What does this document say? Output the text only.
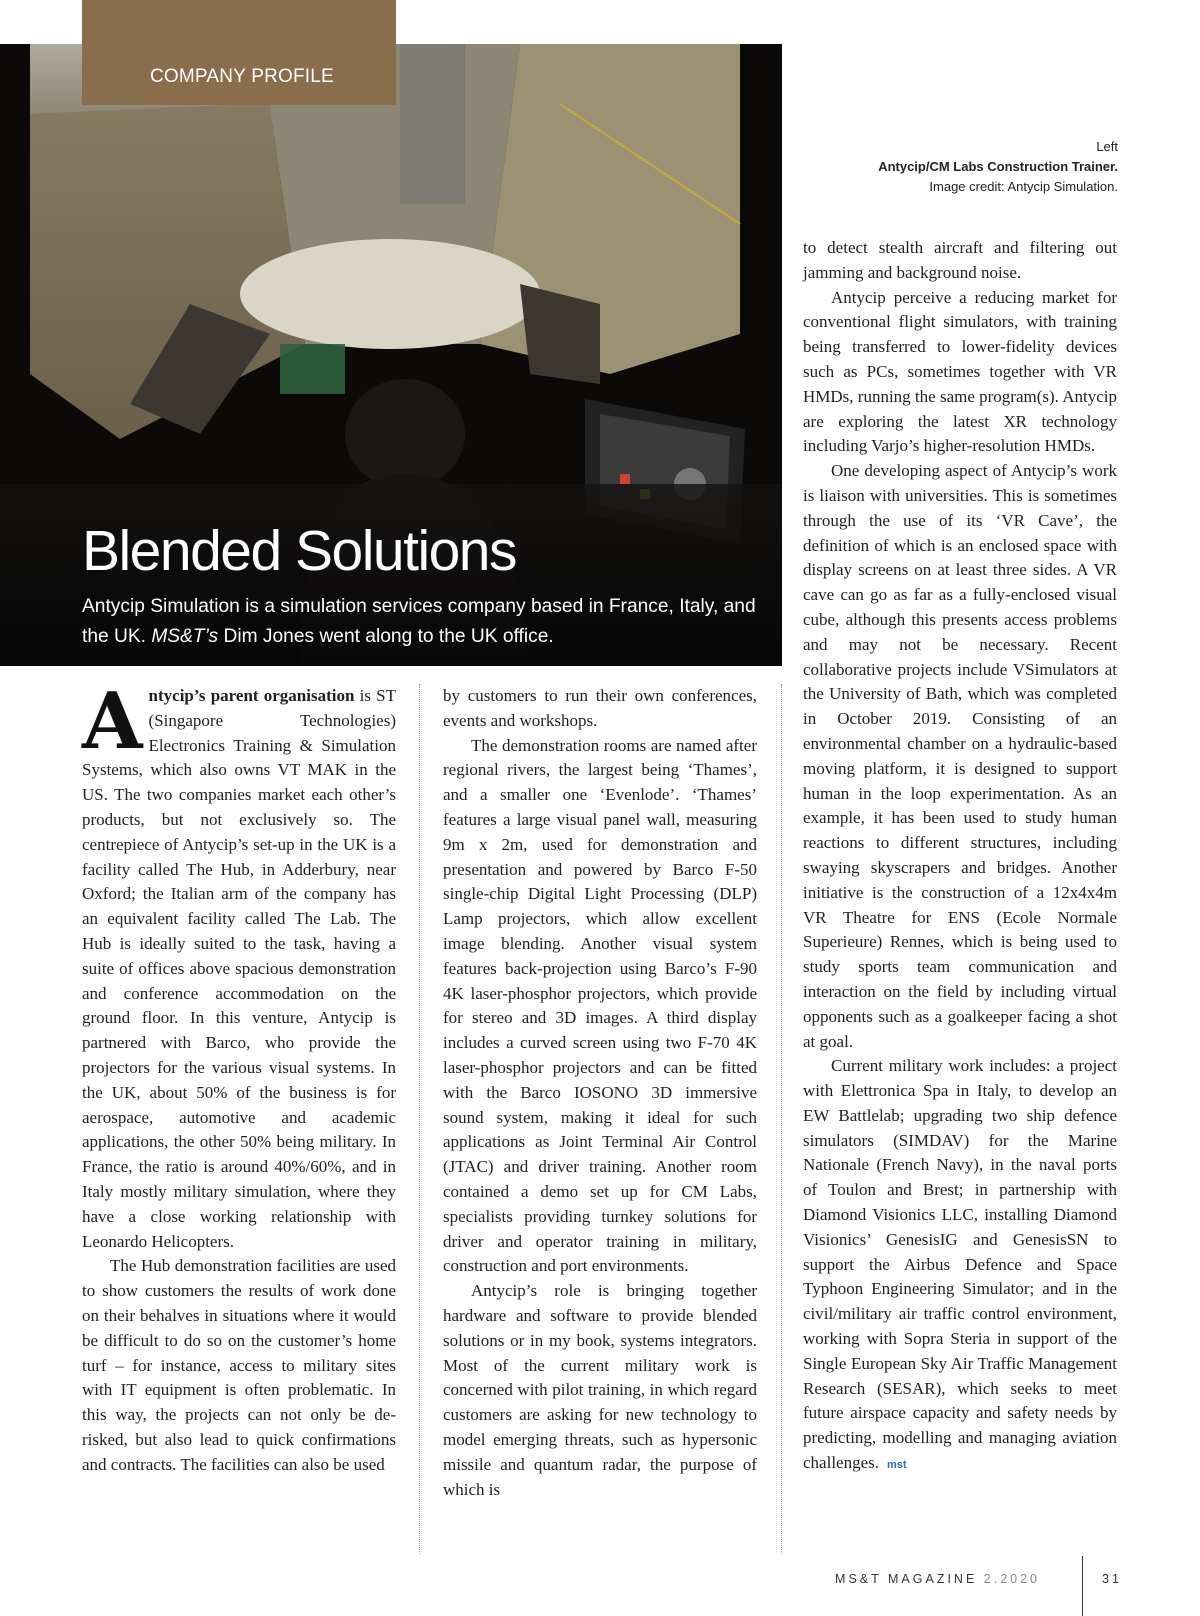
COMPANY PROFILE
Blended Solutions

Antycip Simulation is a simulation services company based in France, Italy, and the UK. MS&T’s Dim Jones went along to the UK office.

Left
Antycip/CM Labs Construction Trainer.
Image credit: Antycip Simulation.

Antycip’s parent organisation is ST (Singapore Technologies) Electronics Training & Simulation Systems, which also owns VT MAK in the US. The two companies market each other’s products, but not exclusively so. The centrepiece of Antycip’s set-up in the UK is a facility called The Hub, in Adderbury, near Oxford; the Italian arm of the company has an equivalent facility called The Lab. The Hub is ideally suited to the task, having a suite of offices above spacious demonstration and conference accommodation on the ground floor. In this venture, Antycip is partnered with Barco, who provide the projectors for the various visual systems. In the UK, about 50% of the business is for aerospace, automotive and academic applications, the other 50% being military. In France, the ratio is around 40%/60%, and in Italy mostly military simulation, where they have a close working relationship with Leonardo Helicopters.

The Hub demonstration facilities are used to show customers the results of work done on their behalves in situations where it would be difficult to do so on the customer’s home turf – for instance, access to military sites with IT equipment is often problematic. In this way, the projects can not only be de-risked, but also lead to quick confirmations and contracts. The facilities can also be used

by customers to run their own conferences, events and workshops.

The demonstration rooms are named after regional rivers, the largest being ‘Thames’, and a smaller one ‘Evenlode’. ‘Thames’ features a large visual panel wall, measuring 9m x 2m, used for demonstration and presentation and powered by Barco F-50 single-chip Digital Light Processing (DLP) Lamp projectors, which allow excellent image blending. Another visual system features back-projection using Barco’s F-90 4K laser-phosphor projectors, which provide for stereo and 3D images. A third display includes a curved screen using two F-70 4K laser-phosphor projectors and can be fitted with the Barco IOSONO 3D immersive sound system, making it ideal for such applications as Joint Terminal Air Control (JTAC) and driver training. Another room contained a demo set up for CM Labs, specialists providing turnkey solutions for driver and operator training in military, construction and port environments.

Antycip’s role is bringing together hardware and software to provide blended solutions or in my book, systems integrators. Most of the current military work is concerned with pilot training, in which regard customers are asking for new technology to model emerging threats, such as hypersonic missile and quantum radar, the purpose of which is

to detect stealth aircraft and filtering out jamming and background noise.

Antycip perceive a reducing market for conventional flight simulators, with training being transferred to lower-fidelity devices such as PCs, sometimes together with VR HMDs, running the same program(s). Antycip are exploring the latest XR technology including Varjo’s higher-resolution HMDs.

One developing aspect of Antycip’s work is liaison with universities. This is sometimes through the use of its ‘VR Cave’, the definition of which is an enclosed space with display screens on at least three sides. A VR cave can go as far as a fully-enclosed visual cube, although this presents access problems and may not be necessary. Recent collaborative projects include VSimulators at the University of Bath, which was completed in October 2019. Consisting of an environmental chamber on a hydraulic-based moving platform, it is designed to support human in the loop experimentation. As an example, it has been used to study human reactions to different structures, including swaying skyscrapers and bridges. Another initiative is the construction of a 12x4x4m VR Theatre for ENS (Ecole Normale Superieure) Rennes, which is being used to study sports team communication and interaction on the field by including virtual opponents such as a goalkeeper facing a shot at goal.

Current military work includes: a project with Elettronica Spa in Italy, to develop an EW Battlelab; upgrading two ship defence simulators (SIMDAV) for the Marine Nationale (French Navy), in the naval ports of Toulon and Brest; in partnership with Diamond Visionics LLC, installing Diamond Visionics’ GenesisIG and GenesisSN to support the Airbus Defence and Space Typhoon Engineering Simulator; and in the civil/military air traffic control environment, working with Sopra Steria in support of the Single European Sky Air Traffic Management Research (SESAR), which seeks to meet future airspace capacity and safety needs by predicting, modelling and managing aviation challenges. mst

MS&T MAGAZINE 2.2020	31
